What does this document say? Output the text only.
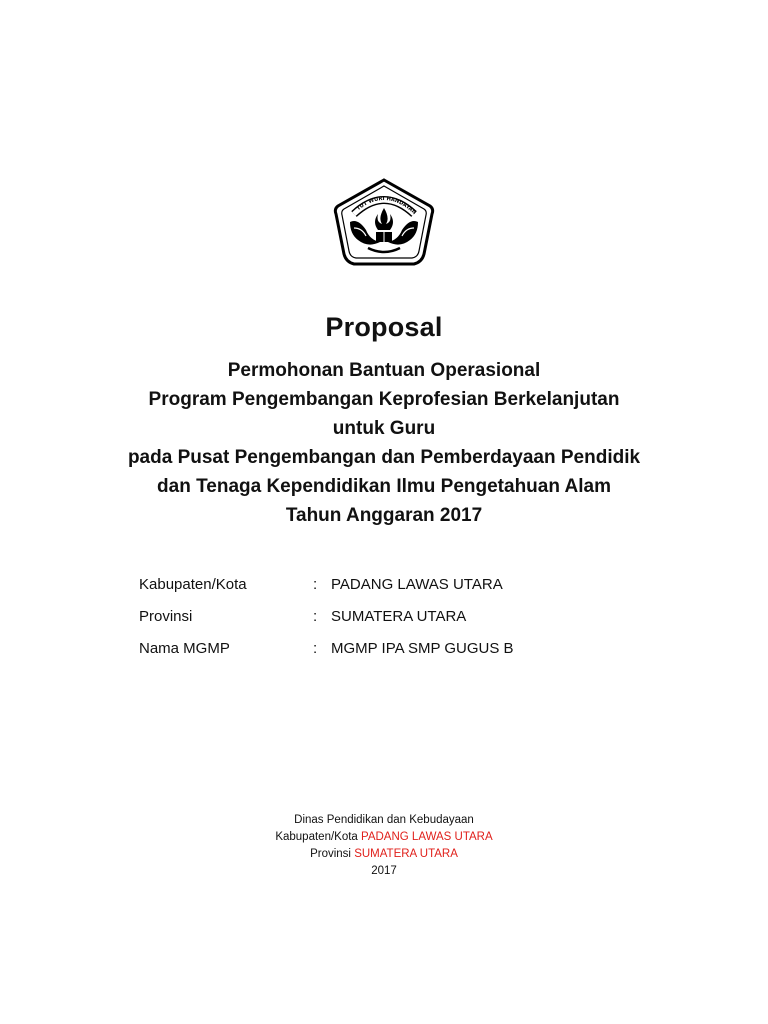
TUT WURI HANDAYAN
Proposal
Permohonan Bantuan Operasional
Program Pengembangan Keprofesian Berkelanjutan
untuk Guru
pada Pusat Pengembangan dan Pemberdayaan Pendidik
dan Tenaga Kependidikan Ilmu Pengetahuan Alam
Tahun Anggaran 2017
Kabupaten/Kota	: PADANG LAWAS UTARA
Provinsi	: SUMATERA UTARA
Nama MGMP	: MGMP IPA SMP GUGUS B
Dinas Pendidikan dan Kebudayaan
Kabupaten/Kota PADANG LAWAS UTARA
Provinsi SUMATERA UTARA
2017
